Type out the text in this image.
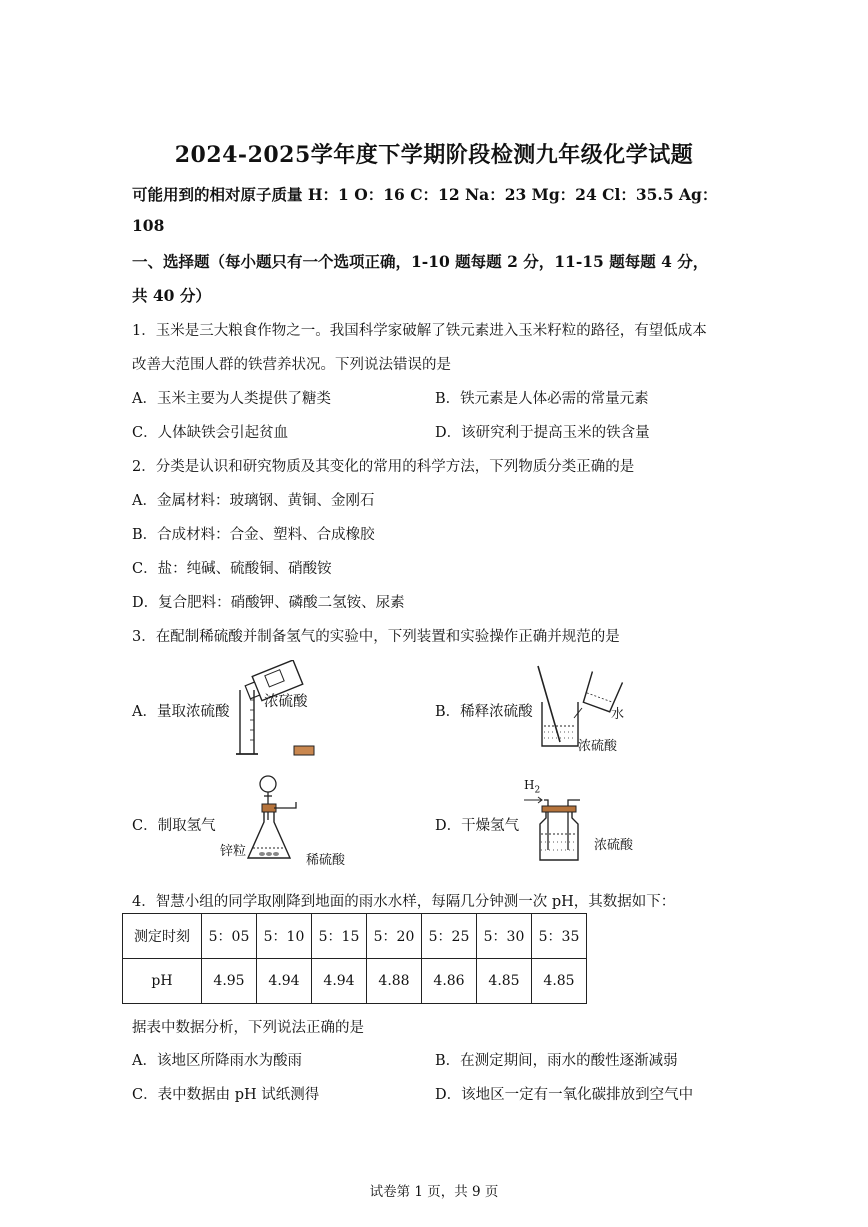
2024-2025学年度下学期阶段检测九年级化学试题
可能用到的相对原子质量 H：1 O：16 C：12 Na：23 Mg：24 Cl：35.5 Ag：
108
一、选择题（每小题只有一个选项正确，1-10 题每题 2 分，11-15 题每题 4 分，
共 40 分）
1．玉米是三大粮食作物之一。我国科学家破解了铁元素进入玉米籽粒的路径，有望低成本
改善大范围人群的铁营养状况。下列说法错误的是
A．玉米主要为人类提供了糖类	B．铁元素是人体必需的常量元素
C．人体缺铁会引起贫血	D．该研究利于提高玉米的铁含量
2．分类是认识和研究物质及其变化的常用的科学方法，下列物质分类正确的是
A．金属材料：玻璃钢、黄铜、金刚石
B．合成材料：合金、塑料、合成橡胶
C．盐：纯碱、硫酸铜、硝酸铵
D．复合肥料：硝酸钾、磷酸二氢铵、尿素
3．在配制稀硫酸并制备氢气的实验中，下列装置和实验操作正确并规范的是
A．量取浓硫酸	B．稀释浓硫酸
C．制取氢气	D．干燥氢气
浓硫酸
水
浓硫酸
锌粒
稀硫酸
$H_2$
浓硫酸
4．智慧小组的同学取刚降到地面的雨水水样，每隔几分钟测一次 pH，其数据如下：
测定时刻	5：05	5：10	5：15	5：20	5：25	5：30	5：35
pH	4.95	4.94	4.94	4.88	4.86	4.85	4.85
据表中数据分析，下列说法正确的是
A．该地区所降雨水为酸雨	B．在测定期间，雨水的酸性逐渐减弱
C．表中数据由 pH 试纸测得	D．该地区一定有一氧化碳排放到空气中
试卷第 1 页，共 9 页
